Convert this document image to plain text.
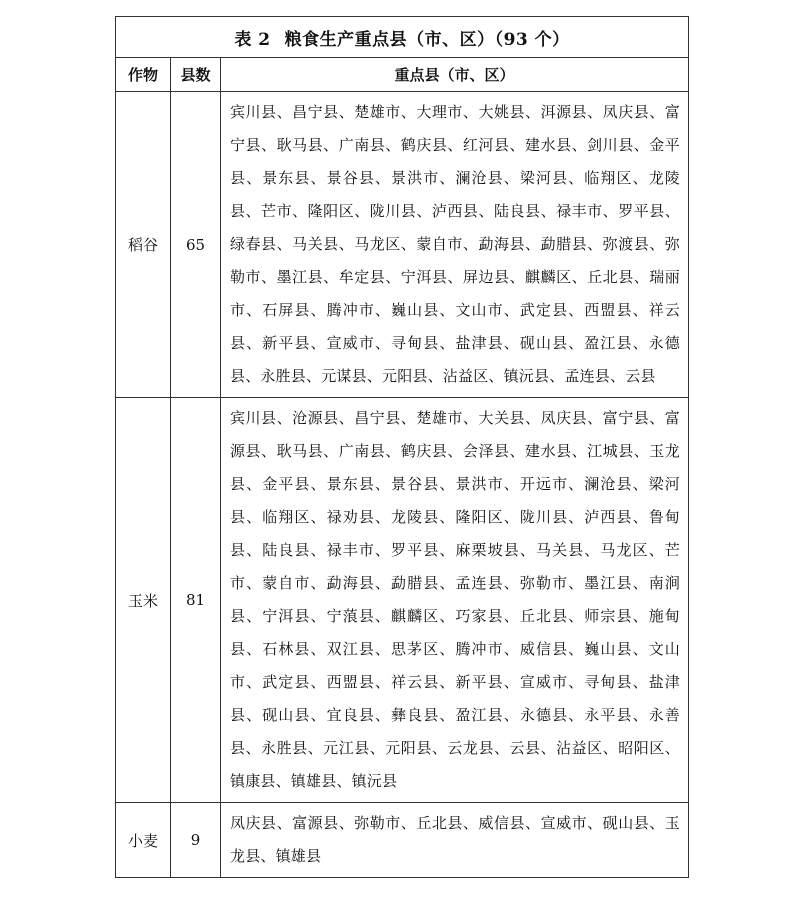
表 2 粮食生产重点县（市、区）（93 个）		
作物	县数	重点县（市、区）
稻谷	65	宾川县、昌宁县、楚雄市、大理市、大姚县、洱源县、凤庆县、富宁县、耿马县、广南县、鹤庆县、红河县、建水县、剑川县、金平县、景东县、景谷县、景洪市、澜沧县、梁河县、临翔区、龙陵县、芒市、隆阳区、陇川县、泸西县、陆良县、禄丰市、罗平县、绿春县、马关县、马龙区、蒙自市、勐海县、勐腊县、弥渡县、弥勒市、墨江县、牟定县、宁洱县、屏边县、麒麟区、丘北县、瑞丽市、石屏县、腾冲市、巍山县、文山市、武定县、西盟县、祥云县、新平县、宣威市、寻甸县、盐津县、砚山县、盈江县、永德县、永胜县、元谋县、元阳县、沾益区、镇沅县、孟连县、云县
玉米	81	宾川县、沧源县、昌宁县、楚雄市、大关县、凤庆县、富宁县、富源县、耿马县、广南县、鹤庆县、会泽县、建水县、江城县、玉龙县、金平县、景东县、景谷县、景洪市、开远市、澜沧县、梁河县、临翔区、禄劝县、龙陵县、隆阳区、陇川县、泸西县、鲁甸县、陆良县、禄丰市、罗平县、麻栗坡县、马关县、马龙区、芒市、蒙自市、勐海县、勐腊县、孟连县、弥勒市、墨江县、南涧县、宁洱县、宁蒗县、麒麟区、巧家县、丘北县、师宗县、施甸县、石林县、双江县、思茅区、腾冲市、威信县、巍山县、文山市、武定县、西盟县、祥云县、新平县、宣威市、寻甸县、盐津县、砚山县、宜良县、彝良县、盈江县、永德县、永平县、永善县、永胜县、元江县、元阳县、云龙县、云县、沾益区、昭阳区、镇康县、镇雄县、镇沅县
小麦	9	凤庆县、富源县、弥勒市、丘北县、威信县、宣威市、砚山县、玉龙县、镇雄县
